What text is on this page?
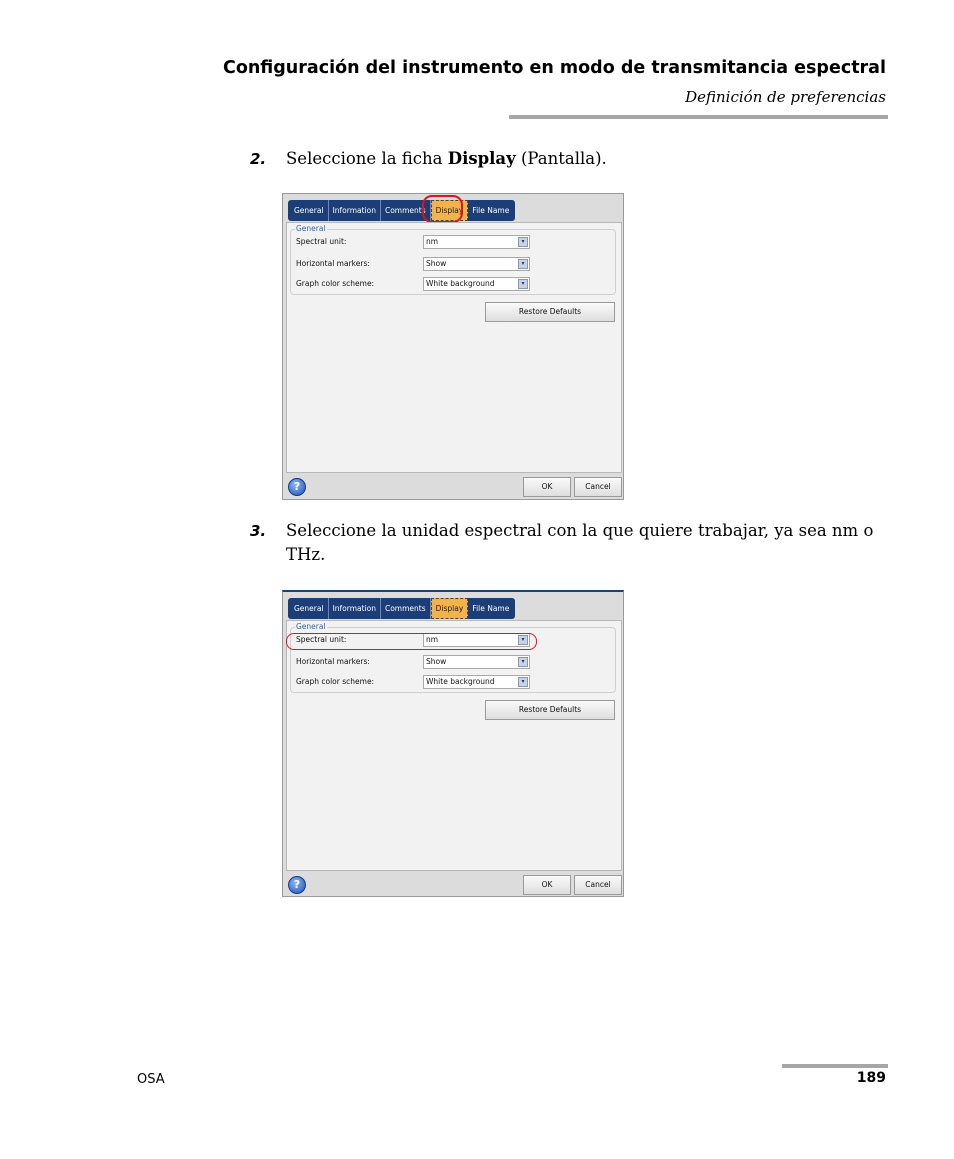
Configuración del instrumento en modo de transmitancia espectral
Definición de preferencias
2. Seleccione la ficha Display (Pantalla).
General	Information	Comments	Display	File Name
General
Spectral unit:	nm	▾
Horizontal markers:	Show	▾
Graph color scheme:	White background	▾
Restore Defaults
?	OK	Cancel
3. Seleccione la unidad espectral con la que quiere trabajar, ya sea nm o THz.
General	Information	Comments	Display	File Name
General
Spectral unit:	nm	▾
Horizontal markers:	Show	▾
Graph color scheme:	White background	▾
Restore Defaults
?	OK	Cancel
OSA	189
